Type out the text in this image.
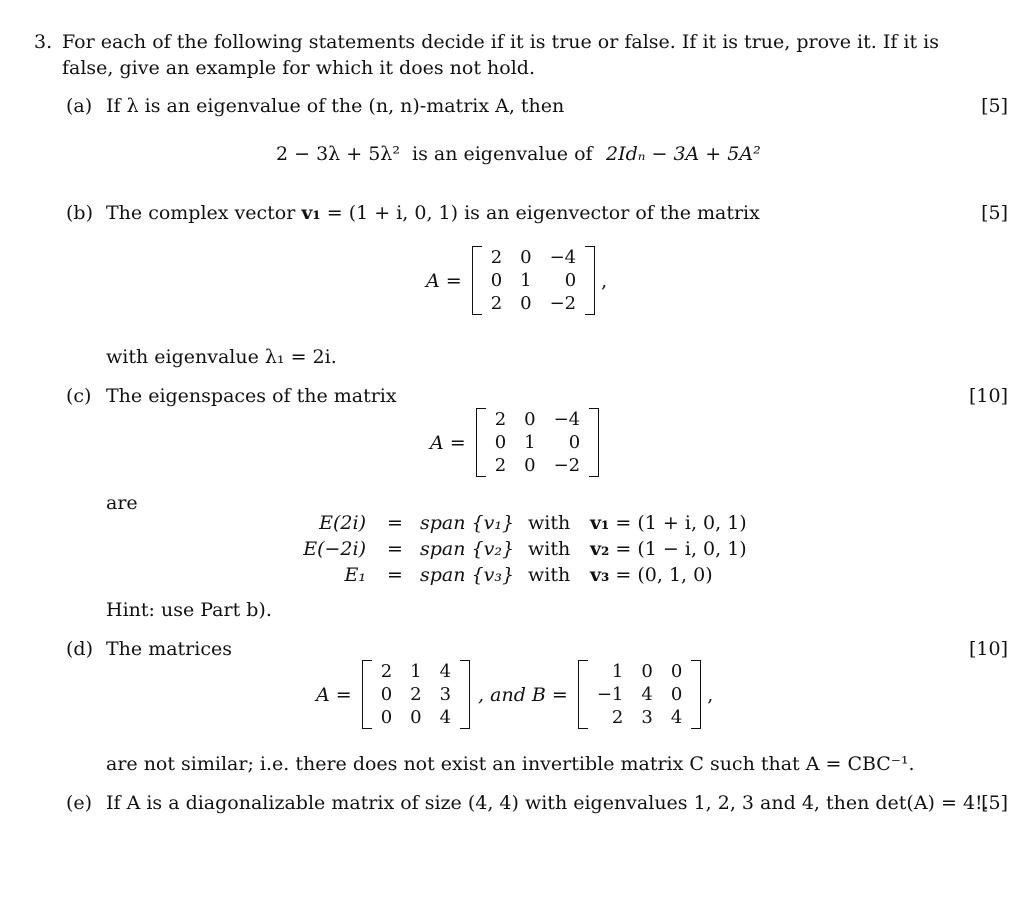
3. For each of the following statements decide if it is true or false. If it is true, prove it. If it is
false, give an example for which it does not hold.
(a) If λ is an eigenvalue of the (n, n)-matrix A, then	[5]
2 − 3λ + 5λ² is an eigenvalue of 2Idₙ − 3A + 5A²
(b) The complex vector v₁ = (1 + i, 0, 1) is an eigenvector of the matrix	[5]
A =
2	0	−4
0	1	0
2	0	−2
,
with eigenvalue λ₁ = 2i.
(c) The eigenspaces of the matrix	[10]
A =
2	0	−4
0	1	0
2	0	−2
are
E(2i) = span {v₁} with v₁ = (1 + i, 0, 1)
E(−2i) = span {v₂} with v₂ = (1 − i, 0, 1)
E₁ = span {v₃} with v₃ = (0, 1, 0)
Hint: use Part b).
(d) The matrices	[10]
A =
2	1	4
0	2	3
0	0	4
, and B =
1	0	0
−1	4	0
2	3	4
,
are not similar; i.e. there does not exist an invertible matrix C such that A = CBC⁻¹.
(e) If A is a diagonalizable matrix of size (4, 4) with eigenvalues 1, 2, 3 and 4, then det(A) = 4!.
[5]
